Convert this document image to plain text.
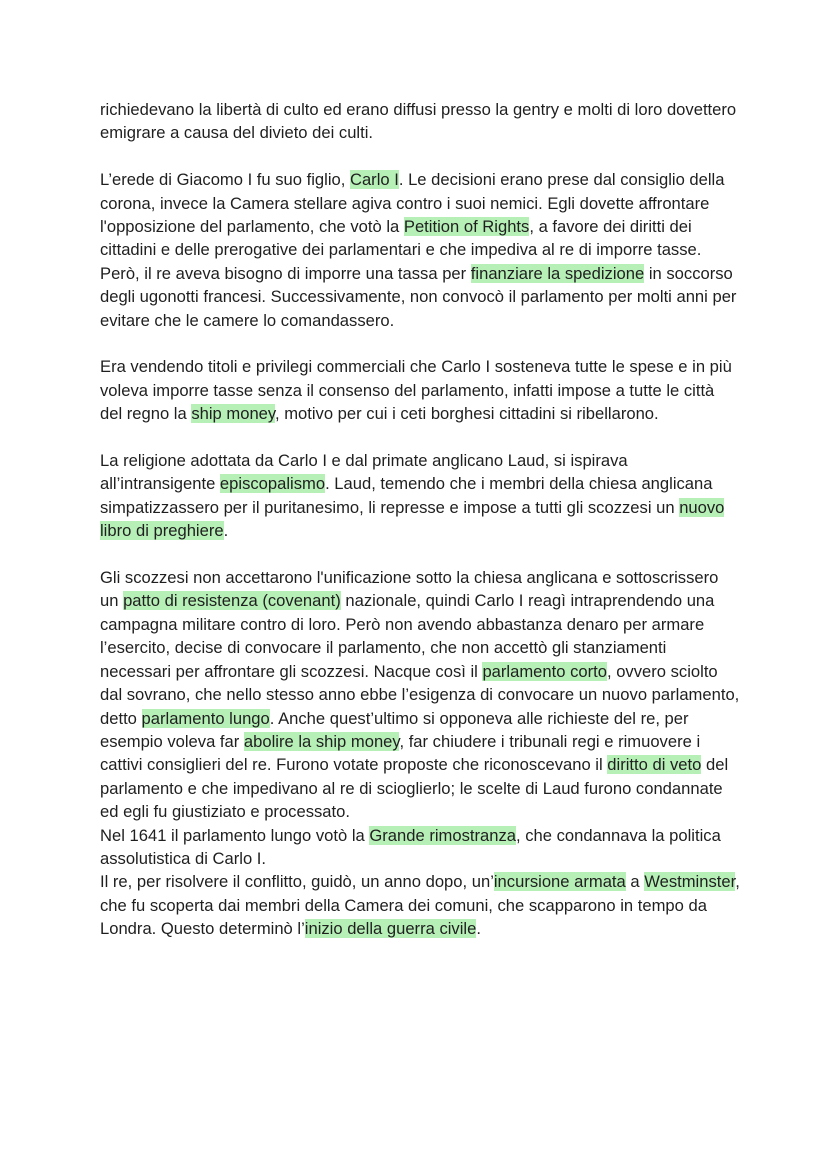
richiedevano la libertà di culto ed erano diffusi presso la gentry e molti di loro dovettero emigrare a causa del divieto dei culti.

L’erede di Giacomo I fu suo figlio, Carlo I. Le decisioni erano prese dal consiglio della corona, invece la Camera stellare agiva contro i suoi nemici. Egli dovette affrontare l'opposizione del parlamento, che votò la Petition of Rights, a favore dei diritti dei cittadini e delle prerogative dei parlamentari e che impediva al re di imporre tasse. Però, il re aveva bisogno di imporre una tassa per finanziare la spedizione in soccorso degli ugonotti francesi. Successivamente, non convocò il parlamento per molti anni per evitare che le camere lo comandassero.

Era vendendo titoli e privilegi commerciali che Carlo I sosteneva tutte le spese e in più voleva imporre tasse senza il consenso del parlamento, infatti impose a tutte le città del regno la ship money, motivo per cui i ceti borghesi cittadini si ribellarono.

La religione adottata da Carlo I e dal primate anglicano Laud, si ispirava all’intransigente episcopalismo. Laud, temendo che i membri della chiesa anglicana simpatizzassero per il puritanesimo, li represse e impose a tutti gli scozzesi un nuovo libro di preghiere.

Gli scozzesi non accettarono l'unificazione sotto la chiesa anglicana e sottoscrissero un patto di resistenza (covenant) nazionale, quindi Carlo I reagì intraprendendo una campagna militare contro di loro. Però non avendo abbastanza denaro per armare l’esercito, decise di convocare il parlamento, che non accettò gli stanziamenti necessari per affrontare gli scozzesi. Nacque così il parlamento corto, ovvero sciolto dal sovrano, che nello stesso anno ebbe l’esigenza di convocare un nuovo parlamento, detto parlamento lungo. Anche quest’ultimo si opponeva alle richieste del re, per esempio voleva far abolire la ship money, far chiudere i tribunali regi e rimuovere i cattivi consiglieri del re. Furono votate proposte che riconoscevano il diritto di veto del parlamento e che impedivano al re di scioglierlo; le scelte di Laud furono condannate ed egli fu giustiziato e processato.

Nel 1641 il parlamento lungo votò la Grande rimostranza, che condannava la politica assolutistica di Carlo I.

Il re, per risolvere il conflitto, guidò, un anno dopo, un’incursione armata a Westminster, che fu scoperta dai membri della Camera dei comuni, che scapparono in tempo da Londra. Questo determinò l’inizio della guerra civile.
